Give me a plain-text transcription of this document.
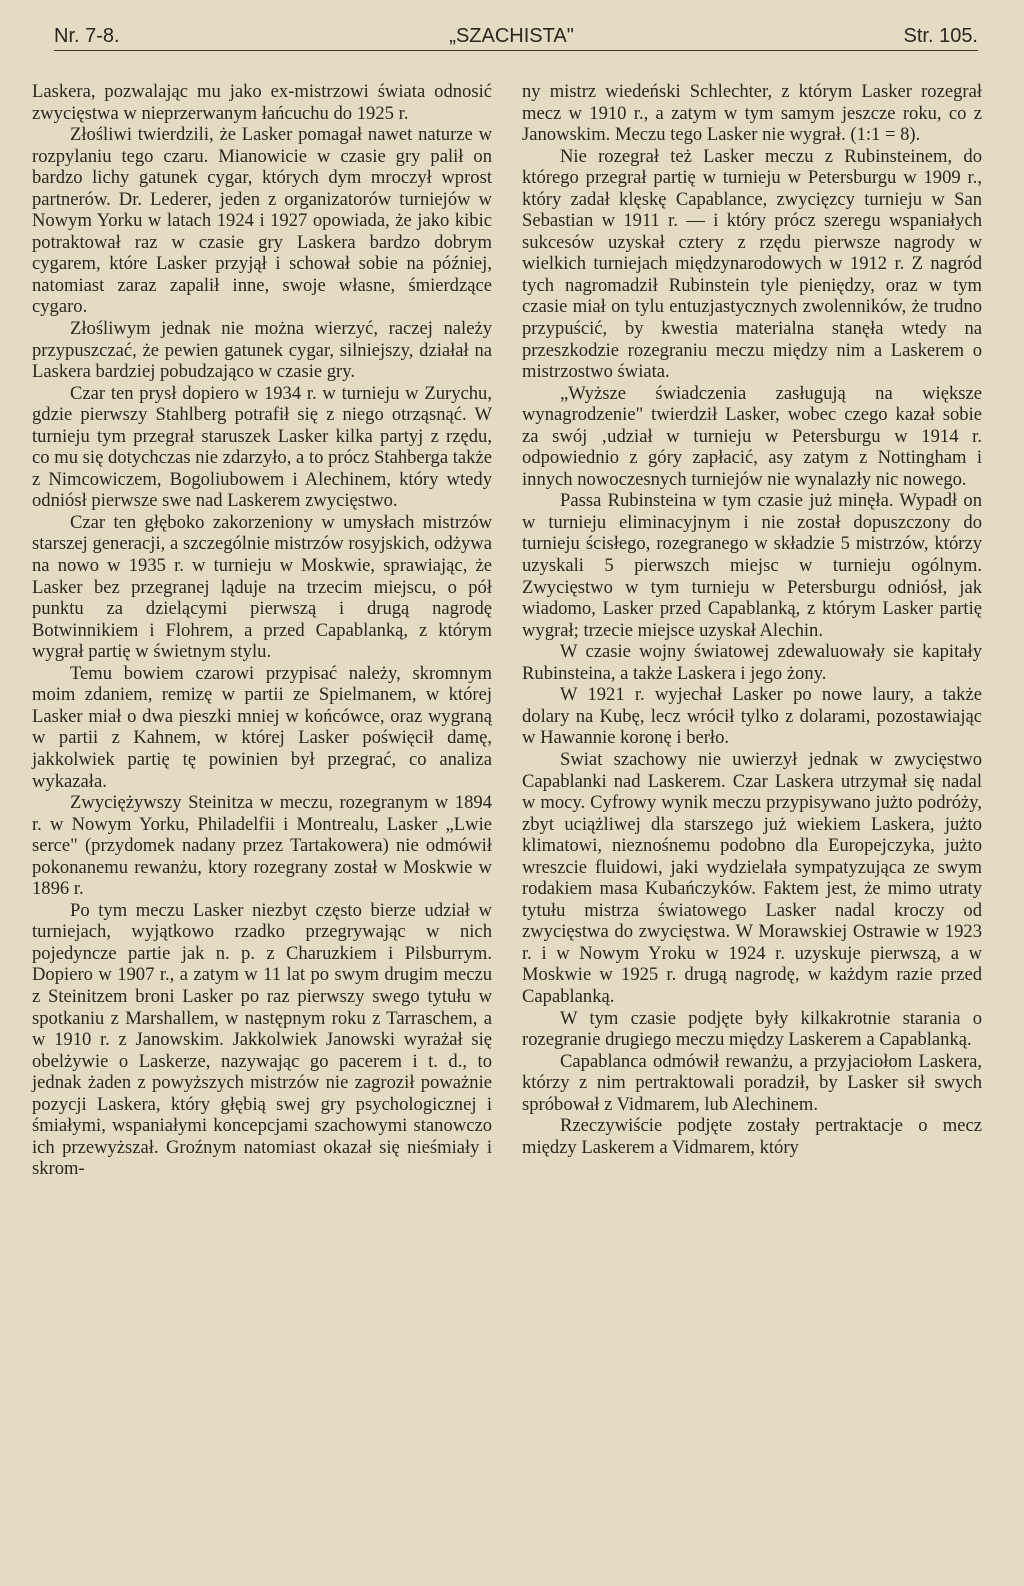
Nr. 7-8.	„SZACHISTA"	Str. 105.

Laskera, pozwalając mu jako ex-mistrzowi świata odnosić zwycięstwa w nieprzerwanym łańcuchu do 1925 r.

Złośliwi twierdzili, że Lasker pomagał nawet naturze w rozpylaniu tego czaru. Mianowicie w czasie gry palił on bardzo lichy gatunek cygar, których dym mroczył wprost partnerów. Dr. Lederer, jeden z organizatorów turniejów w Nowym Yorku w latach 1924 i 1927 opowiada, że jako kibic potraktował raz w czasie gry Laskera bardzo dobrym cygarem, które Lasker przyjął i schował sobie na później, natomiast zaraz zapalił inne, swoje własne, śmierdzące cygaro.

Złośliwym jednak nie można wierzyć, raczej należy przypuszczać, że pewien gatunek cygar, silniejszy, działał na Laskera bardziej pobudzająco w czasie gry.

Czar ten prysł dopiero w 1934 r. w turnieju w Zurychu, gdzie pierwszy Stahlberg potrafił się z niego otrząsnąć. W turnieju tym przegrał staruszek Lasker kilka partyj z rzędu, co mu się dotychczas nie zdarzyło, a to prócz Stahberga także z Nimcowiczem, Bogoliubowem i Alechinem, który wtedy odniósł pierwsze swe nad Laskerem zwycięstwo.

Czar ten głęboko zakorzeniony w umysłach mistrzów starszej generacji, a szczególnie mistrzów rosyjskich, odżywa na nowo w 1935 r. w turnieju w Moskwie, sprawiając, że Lasker bez przegranej ląduje na trzecim miejscu, o pół punktu za dzielącymi pierwszą i drugą nagrodę Botwinnikiem i Flohrem, a przed Capablanką, z którym wygrał partię w świetnym stylu.

Temu bowiem czarowi przypisać należy, skromnym moim zdaniem, remizę w partii ze Spielmanem, w której Lasker miał o dwa pieszki mniej w końcówce, oraz wygraną w partii z Kahnem, w której Lasker poświęcił damę, jakkolwiek partię tę powinien był przegrać, co analiza wykazała.

Zwyciężywszy Steinitza w meczu, rozegranym w 1894 r. w Nowym Yorku, Philadelfii i Montrealu, Lasker „Lwie serce" (przydomek nadany przez Tartakowera) nie odmówił pokonanemu rewanżu, ktory rozegrany został w Moskwie w 1896 r.

Po tym meczu Lasker niezbyt często bierze udział w turniejach, wyjątkowo rzadko przegrywając w nich pojedyncze partie jak n. p. z Charuzkiem i Pilsburrym. Dopiero w 1907 r., a zatym w 11 lat po swym drugim meczu z Steinitzem broni Lasker po raz pierwszy swego tytułu w spotkaniu z Marshallem, w następnym roku z Tarraschem, a w 1910 r. z Janowskim. Jakkolwiek Janowski wyrażał się obelżywie o Laskerze, nazywając go pacerem i t. d., to jednak żaden z powyższych mistrzów nie zagroził poważnie pozycji Laskera, który głębią swej gry psychologicznej i śmiałymi, wspaniałymi koncepcjami szachowymi stanowczo ich przewyższał. Groźnym natomiast okazał się nieśmiały i skrom-

ny mistrz wiedeński Schlechter, z którym Lasker rozegrał mecz w 1910 r., a zatym w tym samym jeszcze roku, co z Janowskim. Meczu tego Lasker nie wygrał. (1:1 = 8).

Nie rozegrał też Lasker meczu z Rubinsteinem, do którego przegrał partię w turnieju w Petersburgu w 1909 r., który zadał klęskę Capablance, zwycięzcy turnieju w San Sebastian w 1911 r. — i który prócz szeregu wspaniałych sukcesów uzyskał cztery z rzędu pierwsze nagrody w wielkich turniejach międzynarodowych w 1912 r. Z nagród tych nagromadził Rubinstein tyle pieniędzy, oraz w tym czasie miał on tylu entuzjastycznych zwolenników, że trudno przypuścić, by kwestia materialna stanęła wtedy na przeszkodzie rozegraniu meczu między nim a Laskerem o mistrzostwo świata.

„Wyższe świadczenia zasługują na większe wynagrodzenie" twierdził Lasker, wobec czego kazał sobie za swój ‚udział w turnieju w Petersburgu w 1914 r. odpowiednio z góry zapłacić, asy zatym z Nottingham i innych nowoczesnych turniejów nie wynalazły nic nowego.

Passa Rubinsteina w tym czasie już minęła. Wypadł on w turnieju eliminacyjnym i nie został dopuszczony do turnieju ścisłego, rozegranego w składzie 5 mistrzów, którzy uzyskali 5 pierwszch miejsc w turnieju ogólnym. Zwycięstwo w tym turnieju w Petersburgu odniósł, jak wiadomo, Lasker przed Capablanką, z którym Lasker partię wygrał; trzecie miejsce uzyskał Alechin.

W czasie wojny światowej zdewaluowały sie kapitały Rubinsteina, a także Laskera i jego żony.

W 1921 r. wyjechał Lasker po nowe laury, a także dolary na Kubę, lecz wrócił tylko z dolarami, pozostawiając w Hawannie koronę i berło.

Swiat szachowy nie uwierzył jednak w zwycięstwo Capablanki nad Laskerem. Czar Laskera utrzymał się nadal w mocy. Cyfrowy wynik meczu przypisywano jużto podróży, zbyt uciążliwej dla starszego już wiekiem Laskera, jużto klimatowi, nieznośnemu podobno dla Europejczyka, jużto wreszcie fluidowi, jaki wydzielała sympatyzująca ze swym rodakiem masa Kubańczyków. Faktem jest, że mimo utraty tytułu mistrza światowego Lasker nadal kroczy od zwycięstwa do zwycięstwa. W Morawskiej Ostrawie w 1923 r. i w Nowym Yroku w 1924 r. uzyskuje pierwszą, a w Moskwie w 1925 r. drugą nagrodę, w każdym razie przed Capablanką.

W tym czasie podjęte były kilkakrotnie starania o rozegranie drugiego meczu między Laskerem a Capablanką.

Capablanca odmówił rewanżu, a przyjaciołom Laskera, którzy z nim pertraktowali poradził, by Lasker sił swych spróbował z Vidmarem, lub Alechinem.

Rzeczywiście podjęte zostały pertraktacje o mecz między Laskerem a Vidmarem, który
